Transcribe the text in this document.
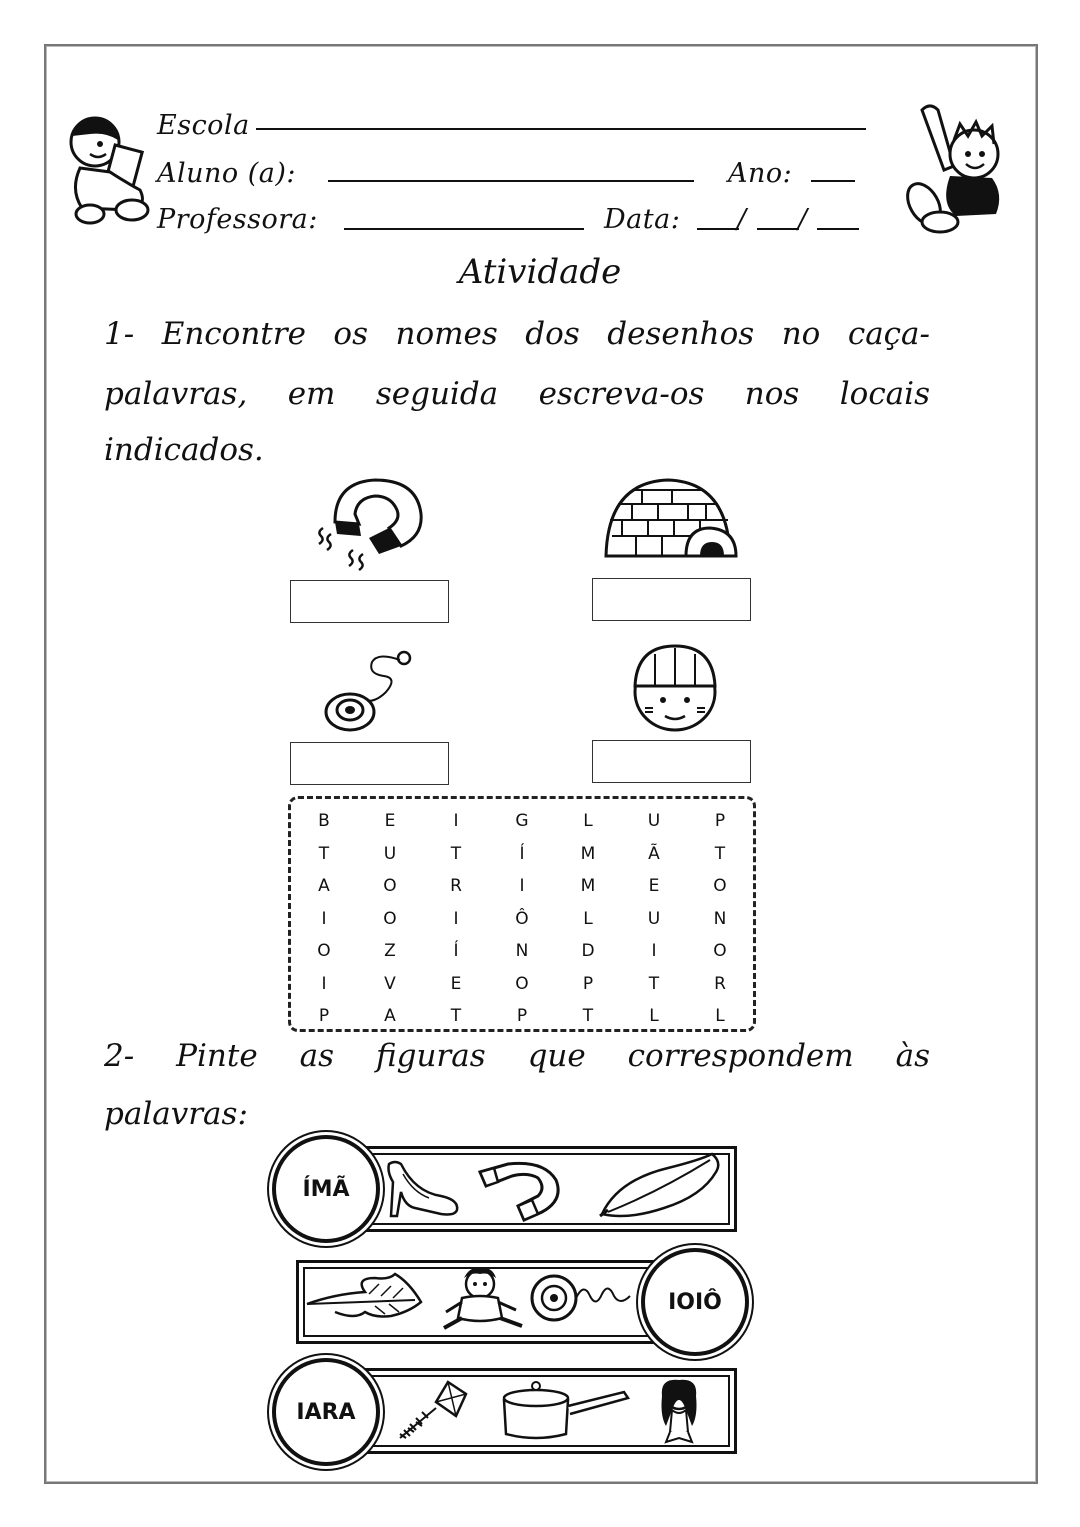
Escola
Aluno (a):	Ano:
Professora:	Data: / /
Atividade
1- Encontre os nomes dos desenhos no caça-
palavras, em seguida escreva-os nos locais
indicados.
B	E	I	G	L	U	P
T	U	T	Í	M	Ã	T
A	O	R	I	M	E	O
I	O	I	Ô	L	U	N
O	Z	Í	N	D	I	O
I	V	E	O	P	T	R
P	A	T	P	T	L	L
2- Pinte as figuras que correspondem às
palavras:
ÍMÃ
IOIÔ
IARA
